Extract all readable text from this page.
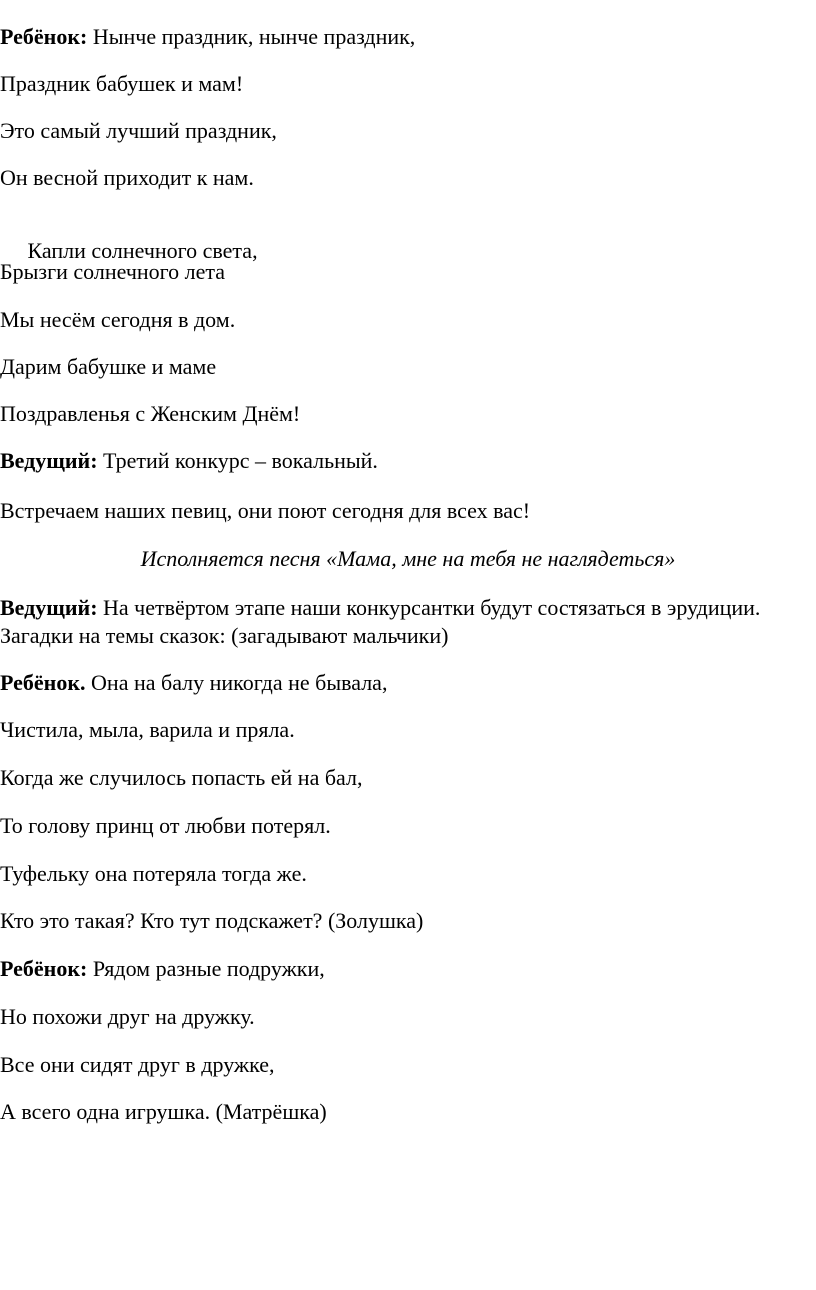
Ребёнок: Нынче праздник, нынче праздник,
Праздник бабушек и мам!
Это самый лучший праздник,
Он весной приходит к нам.

Капли солнечного света,

Брызги солнечного лета
Мы несём сегодня в дом.
Дарим бабушке и маме
Поздравленья с Женским Днём!
Ведущий: Третий конкурс – вокальный.
Встречаем наших певиц, они поют сегодня для всех вас!
Исполняется песня «Мама, мне на тебя не наглядеться»
Ведущий: На четвёртом этапе наши конкурсантки будут состязаться в эрудиции. Загадки на темы сказок: (загадывают мальчики)
Ребёнок. Она на балу никогда не бывала,
Чистила, мыла, варила и пряла.
Когда же случилось попасть ей на бал,
То голову принц от любви потерял.
Туфельку она потеряла тогда же.
Кто это такая? Кто тут подскажет? (Золушка)
Ребёнок: Рядом разные подружки,
Но похожи друг на дружку.
Все они сидят друг в дружке,
А всего одна игрушка. (Матрёшка)
